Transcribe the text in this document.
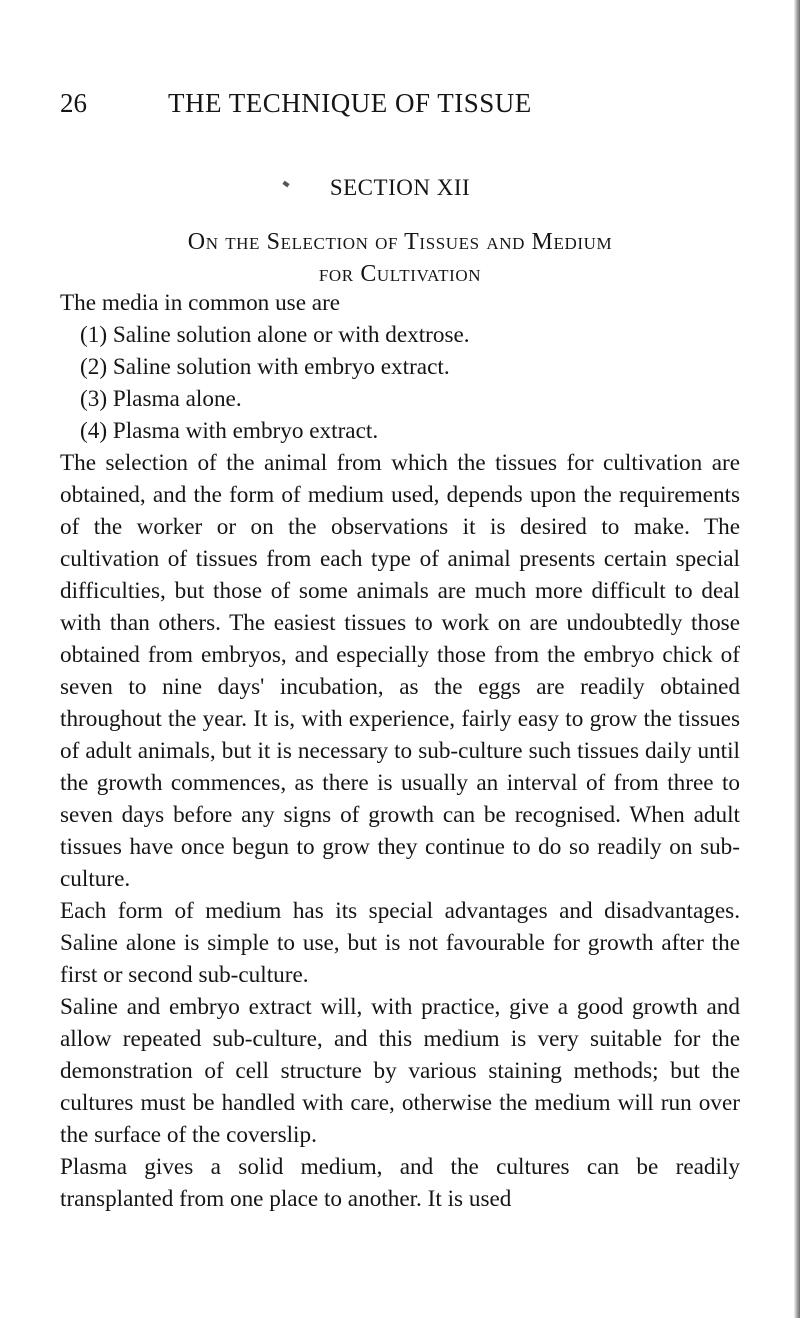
26	THE TECHNIQUE OF TISSUE
SECTION XII
On the Selection of Tissues and Medium
for Cultivation

The media in common use are

(1) Saline solution alone or with dextrose.
(2) Saline solution with embryo extract.
(3) Plasma alone.
(4) Plasma with embryo extract.

The selection of the animal from which the tissues for cultivation are obtained, and the form of medium used, depends upon the requirements of the worker or on the observations it is desired to make. The cultivation of tissues from each type of animal presents certain special difficulties, but those of some animals are much more difficult to deal with than others. The easiest tissues to work on are undoubtedly those obtained from embryos, and especially those from the embryo chick of seven to nine days' incubation, as the eggs are readily obtained throughout the year. It is, with experience, fairly easy to grow the tissues of adult animals, but it is necessary to sub-culture such tissues daily until the growth commences, as there is usually an interval of from three to seven days before any signs of growth can be recognised. When adult tissues have once begun to grow they continue to do so readily on sub-culture.

Each form of medium has its special advantages and disadvantages. Saline alone is simple to use, but is not favourable for growth after the first or second sub-culture.

Saline and embryo extract will, with practice, give a good growth and allow repeated sub-culture, and this medium is very suitable for the demonstration of cell structure by various staining methods; but the cultures must be handled with care, otherwise the medium will run over the surface of the coverslip.

Plasma gives a solid medium, and the cultures can be readily transplanted from one place to another. It is used
